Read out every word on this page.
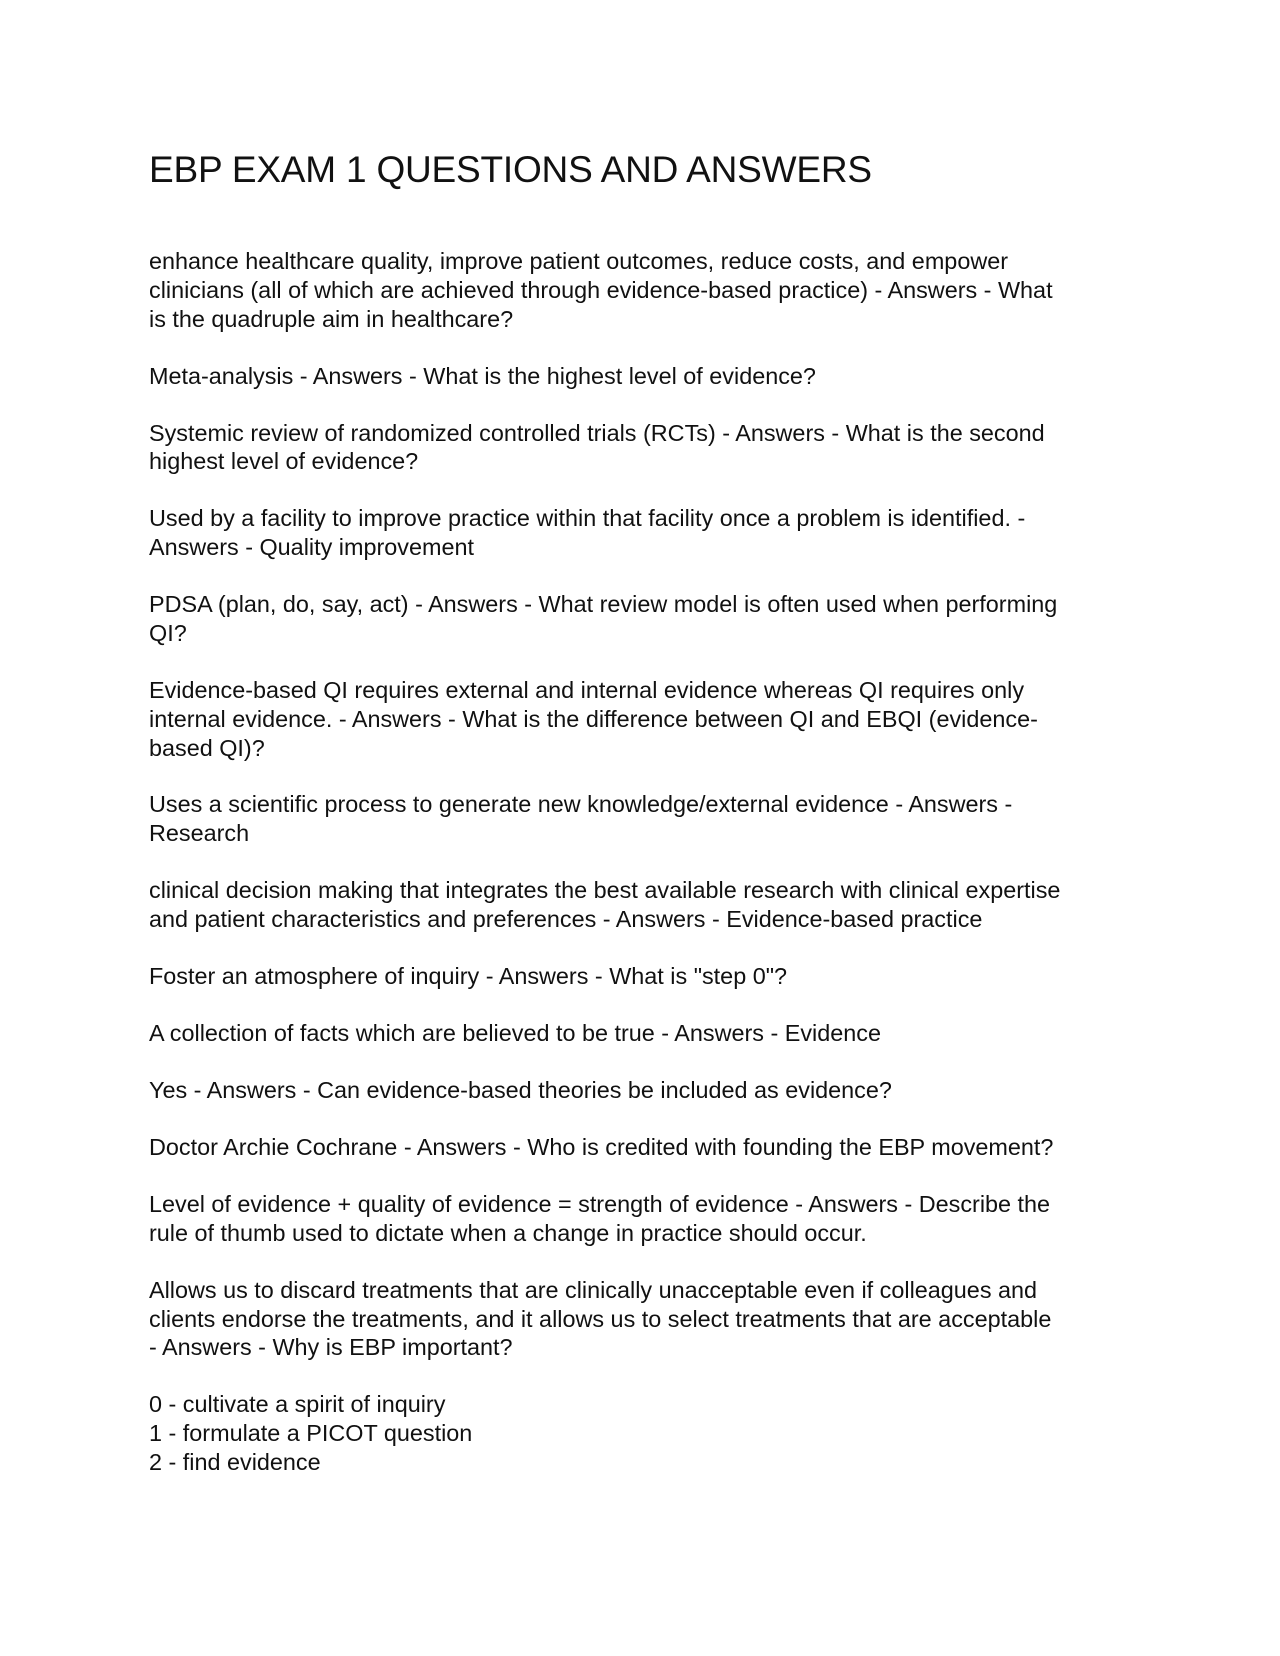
EBP EXAM 1 QUESTIONS AND ANSWERS

enhance healthcare quality, improve patient outcomes, reduce costs, and empower
clinicians (all of which are achieved through evidence-based practice) - Answers - What
is the quadruple aim in healthcare?

Meta-analysis - Answers - What is the highest level of evidence?

Systemic review of randomized controlled trials (RCTs) - Answers - What is the second
highest level of evidence?

Used by a facility to improve practice within that facility once a problem is identified. -
Answers - Quality improvement

PDSA (plan, do, say, act) - Answers - What review model is often used when performing
QI?

Evidence-based QI requires external and internal evidence whereas QI requires only
internal evidence. - Answers - What is the difference between QI and EBQI (evidence-
based QI)?

Uses a scientific process to generate new knowledge/external evidence - Answers -
Research

clinical decision making that integrates the best available research with clinical expertise
and patient characteristics and preferences - Answers - Evidence-based practice

Foster an atmosphere of inquiry - Answers - What is "step 0"?

A collection of facts which are believed to be true - Answers - Evidence

Yes - Answers - Can evidence-based theories be included as evidence?

Doctor Archie Cochrane - Answers - Who is credited with founding the EBP movement?

Level of evidence + quality of evidence = strength of evidence - Answers - Describe the
rule of thumb used to dictate when a change in practice should occur.

Allows us to discard treatments that are clinically unacceptable even if colleagues and
clients endorse the treatments, and it allows us to select treatments that are acceptable
- Answers - Why is EBP important?

0 - cultivate a spirit of inquiry
1 - formulate a PICOT question
2 - find evidence
